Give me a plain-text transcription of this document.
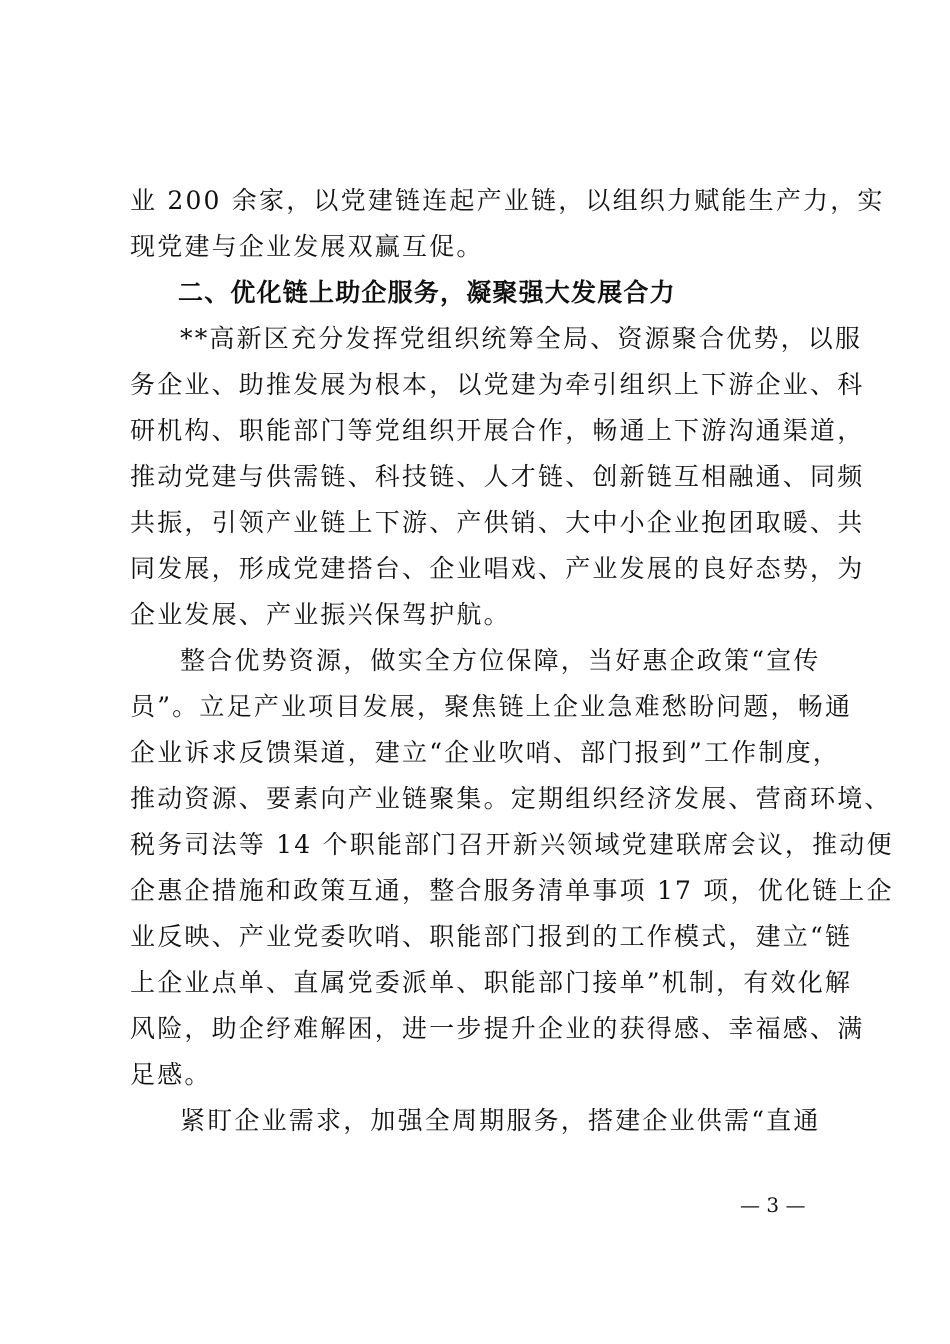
业 200 余家，以党建链连起产业链，以组织力赋能生产力，实
现党建与企业发展双赢互促。
二、优化链上助企服务，凝聚强大发展合力
**高新区充分发挥党组织统筹全局、资源聚合优势，以服
务企业、助推发展为根本，以党建为牵引组织上下游企业、科
研机构、职能部门等党组织开展合作，畅通上下游沟通渠道，
推动党建与供需链、科技链、人才链、创新链互相融通、同频
共振，引领产业链上下游、产供销、大中小企业抱团取暖、共
同发展，形成党建搭台、企业唱戏、产业发展的良好态势，为
企业发展、产业振兴保驾护航。
整合优势资源，做实全方位保障，当好惠企政策“宣传
员”。立足产业项目发展，聚焦链上企业急难愁盼问题，畅通
企业诉求反馈渠道，建立“企业吹哨、部门报到”工作制度，
推动资源、要素向产业链聚集。定期组织经济发展、营商环境、
税务司法等 14 个职能部门召开新兴领域党建联席会议，推动便
企惠企措施和政策互通，整合服务清单事项 17 项，优化链上企
业反映、产业党委吹哨、职能部门报到的工作模式，建立“链
上企业点单、直属党委派单、职能部门接单”机制，有效化解
风险，助企纾难解困，进一步提升企业的获得感、幸福感、满
足感。
紧盯企业需求，加强全周期服务，搭建企业供需“直通
— 3 —
